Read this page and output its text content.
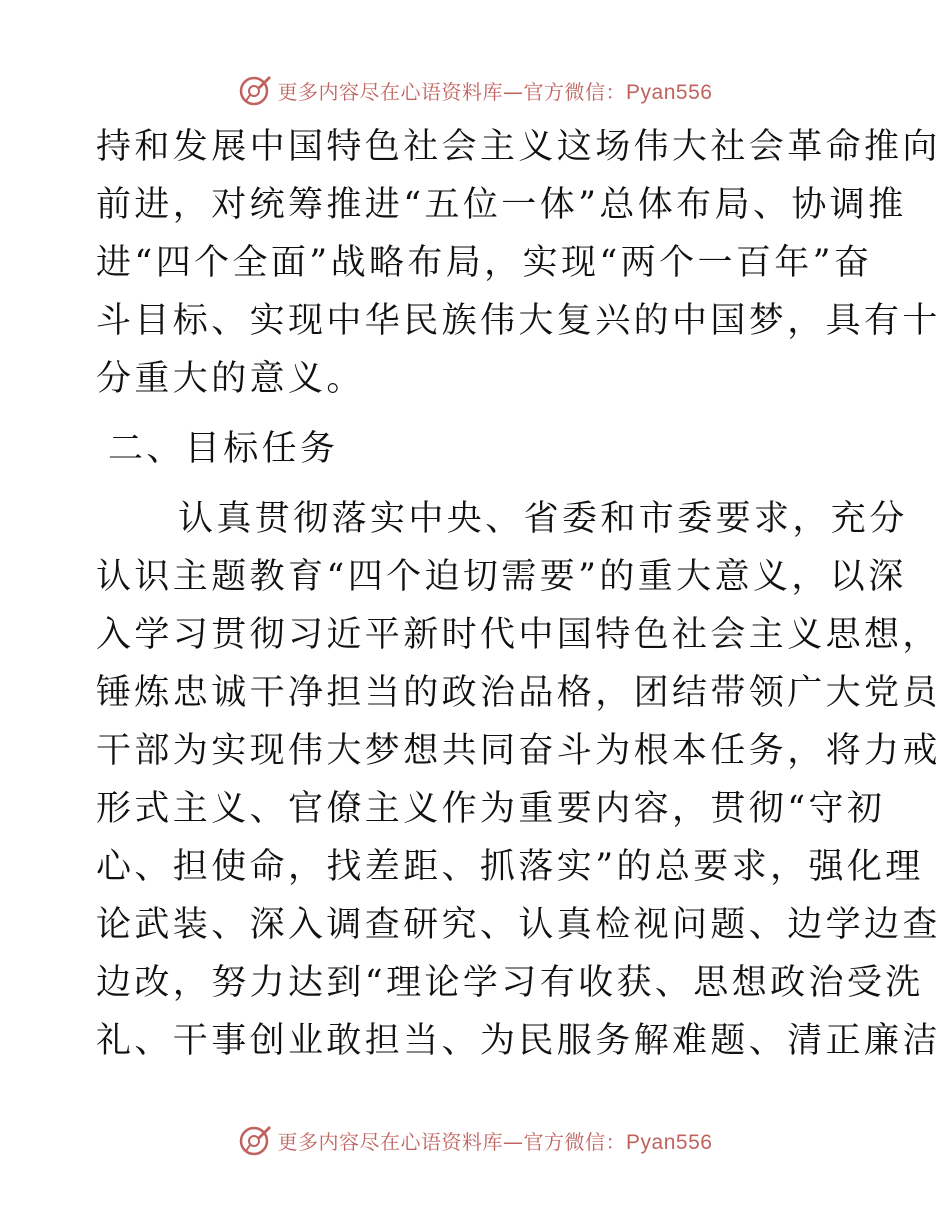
更多内容尽在心语资料库—官方微信：Pyan556
持和发展中国特色社会主义这场伟大社会革命推向
前进，对统筹推进“五位一体”总体布局、协调推
进“四个全面”战略布局，实现“两个一百年”奋
斗目标、实现中华民族伟大复兴的中国梦，具有十
分重大的意义。
二、目标任务
认真贯彻落实中央、省委和市委要求，充分
认识主题教育“四个迫切需要”的重大意义，以深
入学习贯彻习近平新时代中国特色社会主义思想，
锤炼忠诚干净担当的政治品格，团结带领广大党员
干部为实现伟大梦想共同奋斗为根本任务，将力戒
形式主义、官僚主义作为重要内容，贯彻“守初
心、担使命，找差距、抓落实”的总要求，强化理
论武装、深入调查研究、认真检视问题、边学边查
边改，努力达到“理论学习有收获、思想政治受洗
礼、干事创业敢担当、为民服务解难题、清正廉洁
更多内容尽在心语资料库—官方微信：Pyan556
